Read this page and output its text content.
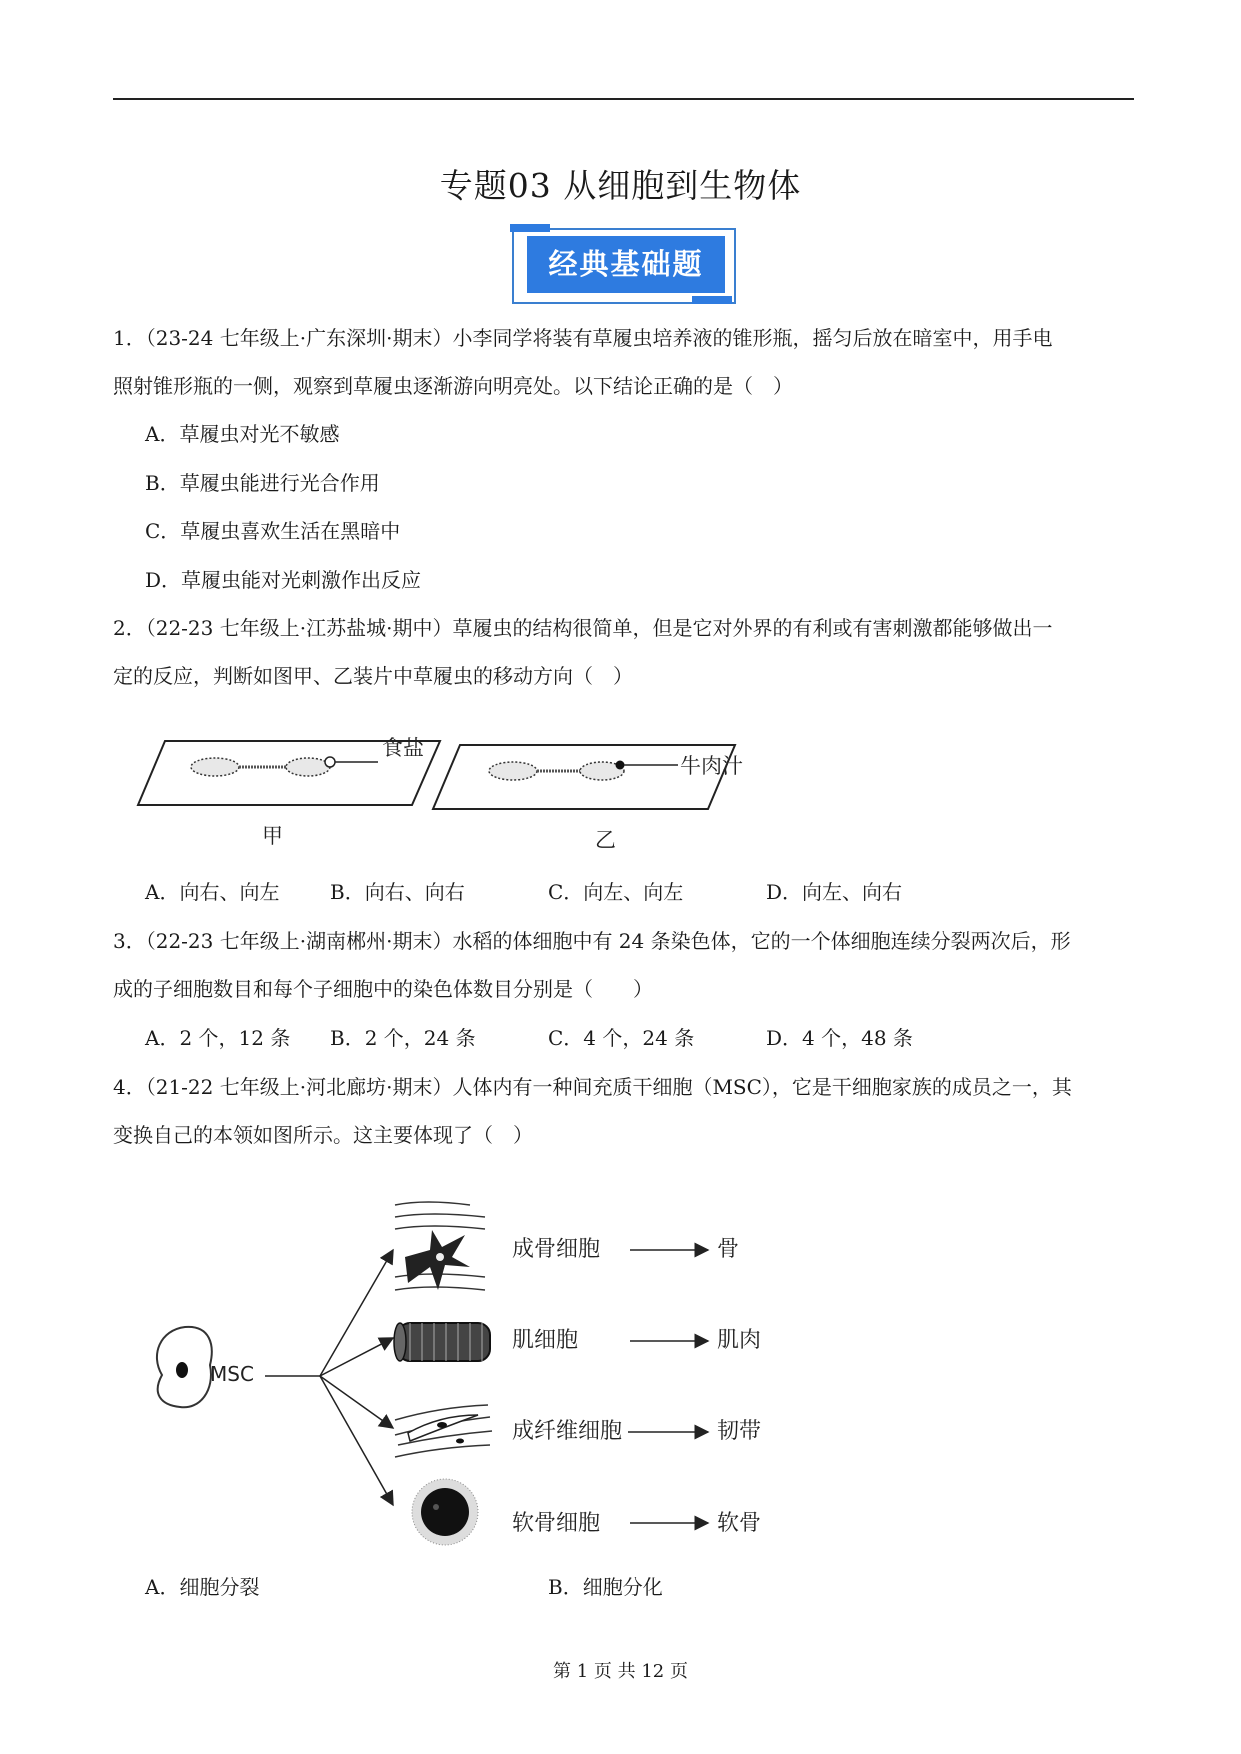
专题03 从细胞到生物体
经典基础题
1．（23-24 七年级上·广东深圳·期末）小李同学将装有草履虫培养液的锥形瓶，摇匀后放在暗室中，用手电
照射锥形瓶的一侧，观察到草履虫逐渐游向明亮处。以下结论正确的是（　）
A．草履虫对光不敏感
B．草履虫能进行光合作用
C．草履虫喜欢生活在黑暗中
D．草履虫能对光刺激作出反应
2．（22-23 七年级上·江苏盐城·期中）草履虫的结构很简单，但是它对外界的有利或有害刺激都能够做出一
定的反应，判断如图甲、乙装片中草履虫的移动方向（　）
食盐
甲
牛肉汁
乙
A．向右、向左	B．向右、向右	C．向左、向左	D．向左、向右
3．（22-23 七年级上·湖南郴州·期末）水稻的体细胞中有 24 条染色体，它的一个体细胞连续分裂两次后，形
成的子细胞数目和每个子细胞中的染色体数目分别是（　　）
A．2 个，12 条 B．2 个，24 条	C．4 个，24 条	D．4 个，48 条
4．（21-22 七年级上·河北廊坊·期末）人体内有一种间充质干细胞（MSC），它是干细胞家族的成员之一，其
变换自己的本领如图所示。这主要体现了（　）
MSC
成骨细胞	骨
肌细胞	肌肉
成纤维细胞	韧带
软骨细胞	软骨
A．细胞分裂	B．细胞分化
第 1 页 共 12 页
